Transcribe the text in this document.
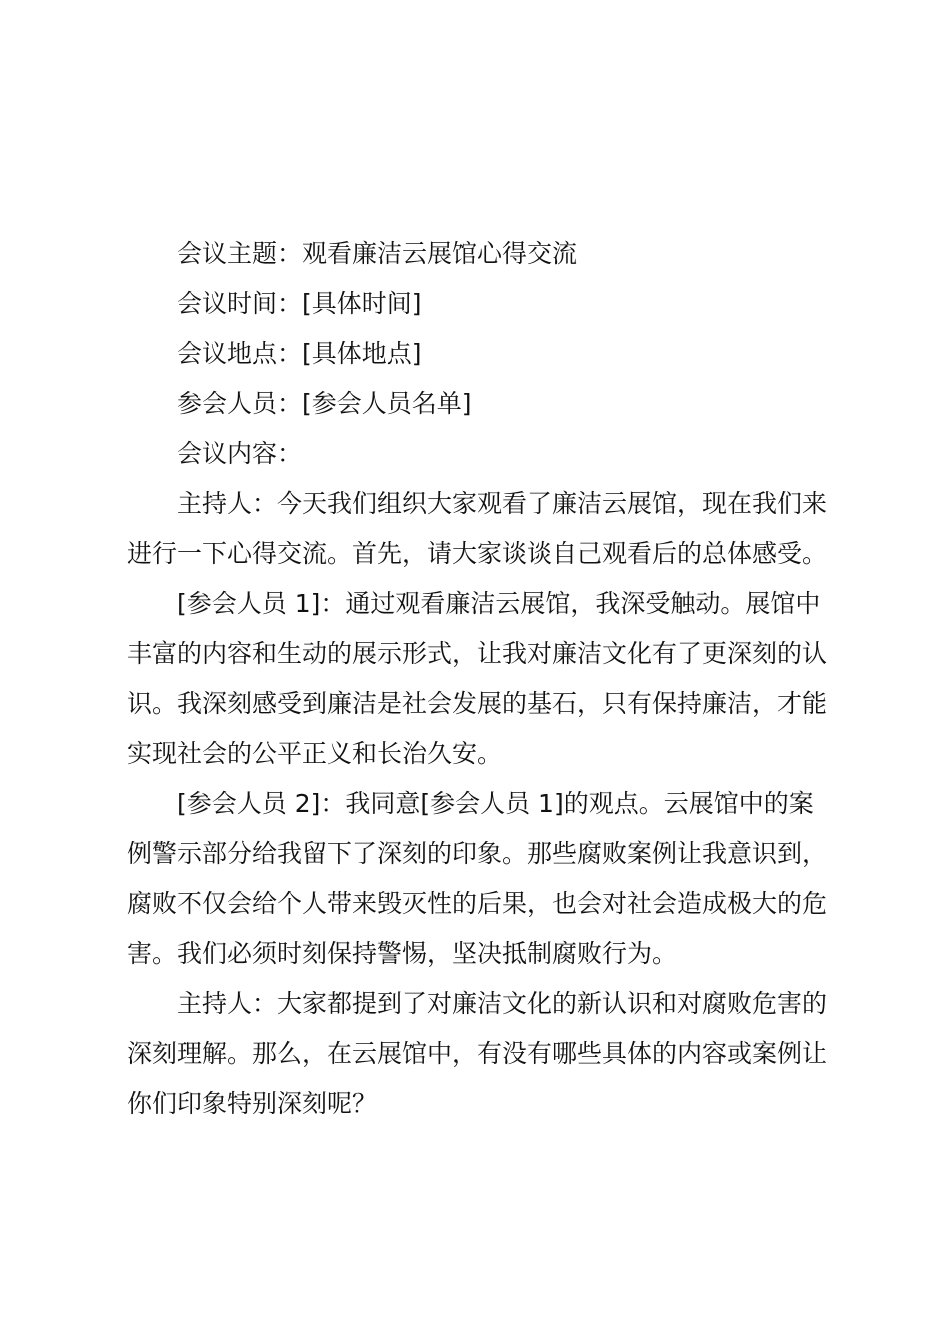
会议主题：观看廉洁云展馆心得交流

会议时间：[具体时间]

会议地点：[具体地点]

参会人员：[参会人员名单]

会议内容：

主持人：今天我们组织大家观看了廉洁云展馆，现在我们来进行一下心得交流。首先，请大家谈谈自己观看后的总体感受。

[参会人员 1]：通过观看廉洁云展馆，我深受触动。展馆中丰富的内容和生动的展示形式，让我对廉洁文化有了更深刻的认识。我深刻感受到廉洁是社会发展的基石，只有保持廉洁，才能实现社会的公平正义和长治久安。

[参会人员 2]：我同意[参会人员 1]的观点。云展馆中的案例警示部分给我留下了深刻的印象。那些腐败案例让我意识到，腐败不仅会给个人带来毁灭性的后果，也会对社会造成极大的危害。我们必须时刻保持警惕，坚决抵制腐败行为。

主持人：大家都提到了对廉洁文化的新认识和对腐败危害的深刻理解。那么，在云展馆中，有没有哪些具体的内容或案例让你们印象特别深刻呢？
